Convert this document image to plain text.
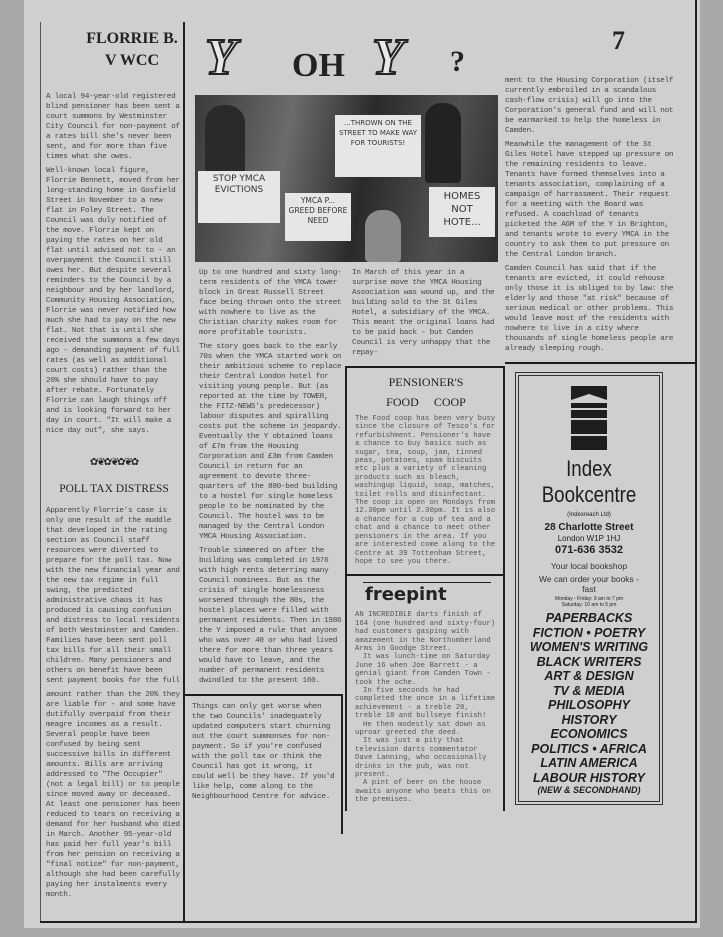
FLORRIE B.
V WCC

A local 94-year-old registered blind pensioner has been sent a court summons by Westminster City Council for non-payment of a rates bill she's never been sent, and for more than five times what she owes.

Well-known local figure, Florrie Bennett, moved from her long-standing home in Gosfield Street in November to a new flat in Foley Street. The Council was duly notified of the move. Florrie kept on paying the rates on her old flat until advised not to - an overpayment the Council still owes her. But despite several reminders to the Council by a neighbour and by her landlord, Community Housing Association, Florrie was never notified how much she had to pay on the new flat. Not that is until she received the summons a few days ago - demanding payment of full rates (as well as additional court costs) rather than the 20% she should have to pay after rebate. Fortunately Florrie can laugh things off and is looking forward to her day in court. "It will make a nice day out", she says.

✿❦✿❦✿❦✿
POLL TAX DISTRESS

Apparently Florrie's case is only one result of the muddle that developed in the rating section as Council staff resources were diverted to prepare for the poll tax. Now with the new financial year and the new tax regime in full swing, the predicted administrative chaos it has produced is causing confusion and distress to local residents of both Westminster and Camden. Families have been sent poll tax bills for all their small children. Many pensioners and others on benefit have been sent payment books for the full

amount rather than the 20% they are liable for - and some have dutifully overpaid from their meagre incomes as a result. Several people have been confused by being sent successive bills in different amounts. Bills are arriving addressed to "The Occupier" (not a legal bill) or to people since moved away or deceased. At least one pensioner has been reduced to tears on receiving a demand for her husband who died in March. Another 95-year-old has paid her full year's bill from her pension on receiving a "final notice" for non-payment, although she had been carefully paying her instalments every month.

Y OH Y ?
7
STOP YMCA EVICTIONS
YMCA P... GREED BEFORE NEED
...THROWN ON THE STREET TO MAKE WAY FOR TOURISTS!
HOMES NOT HOTE...

Up to one hundred and sixty long-term residents of the YMCA tower block in Great Russell Street face being thrown onto the street with nowhere to live as the Christian charity makes room for more profitable tourists.

The story goes back to the early 70s when the YMCA started work on their ambitious scheme to replace their Central London hotel for visiting young people. But (as reported at the time by TOWER, the FITZ-NEWS's predecessor) labour disputes and spiralling costs put the scheme in jeopardy. Eventually the Y obtained loans of £7m from the Housing Corporation and £3m from Camden Council in return for an agreement to devote three-quarters of the 880-bed building to a hostel for single homeless people to be nominated by the Council. The hostel was to be managed by the Central London YMCA Housing Association.

Trouble simmered on after the building was completed in 1976 with high rents deterring many Council nominees. But as the crisis of single homelessness worsened through the 80s, the hostel places were filled with permanent residents. Then in 1986 the Y imposed a rule that anyone who was over 40 or who had lived there for more than three years would have to leave, and the number of permanent residents dwindled to the present 160.

Things can only get worse when the two Councils' inadequately updated computers start churning out the court summonses for non-payment. So if you're confused with the poll tax or think the Council has got it wrong, it could well be they have. If you'd like help, come along to the Neighbourhood Centre for advice.
In March of this year in a surprise move the YMCA Housing Association was wound up, and the building sold to the St Giles Hotel, a subsidiary of the YMCA. This meant the original loans had to be paid back - but Camden Council is very unhappy that the repay-
PENSIONER'S
FOOD COOP
The Food coop has been very busy since the closure of Tesco's for refurbishment. Pensioner's have a chance to buy basics such as sugar, tea, soup, jam, tinned peas, potatoes, spam biscuits etc plus a variety of cleaning products such as bleach, washingup liquid, soap, matches, toilet rolls and disinfectant. The coop is open on Mondays from 12.30pm until 2.30pm. It is also a chance for a cup of tea and a chat and a chance to meet other pensioners in the area. If you are interested come along to the Centre at 39 Tottenham Street, hope to see you there.
freepint
AN INCREDIBLE darts finish of 164 (one hundred and sixty-four) had customers gasping with amazement in the Northumberland Arms in Goodge Street.
It was lunch-time on Saturday June 16 when Joe Barrett - a genial giant from Camden Town - took the oche.
In five seconds he had completed the once in a lifetime achievement - a treble 20, treble 18 and bullseye finish!
He then modestly sat down as uproar greeted the deed.
It was just a pity that television darts commentator Dave Lanning, who occasionally drinks in the pub, was not present.
A pint of beer on the house awaits anyone who beats this on the premises.

ment to the Housing Corporation (itself currently embroiled in a scandalous cash-flow crisis) will go into the Corporation's general fund and will not be earmarked to help the homeless in Camden.

Meanwhile the management of the St Giles Hotel have stepped up pressure on the remaining residents to leave. Tenants have formed themselves into a tenants association, complaining of a campaign of harrassment. Their request for a meeting with the Board was refused. A coachload of tenants picketed the AGM of the Y in Brighton, and tenants wrote to every YMCA in the country to ask them to put pressure on the Central London branch.

Camden Council has said that if the tenants are evicted, it could rehouse only those it is obliged to by law: the elderly and those "at risk" because of serious medical or other problems. This would leave most of the residents with nowhere to live in a city where thousands of single homeless people are already sleeping rough.

Index
Bookcentre
(Indexreach Ltd)
28 Charlotte Street
London W1P 1HJ
071-636 3532
Your local bookshop
We can order your books - fast
Monday - Friday: 9 am to 7 pm
Saturday: 10 am to 5 pm
PAPERBACKS
FICTION • POETRY
WOMEN'S WRITING
BLACK WRITERS
ART & DESIGN
TV & MEDIA
PHILOSOPHY
HISTORY
ECONOMICS
POLITICS • AFRICA
LATIN AMERICA
LABOUR HISTORY
(NEW & SECONDHAND)
